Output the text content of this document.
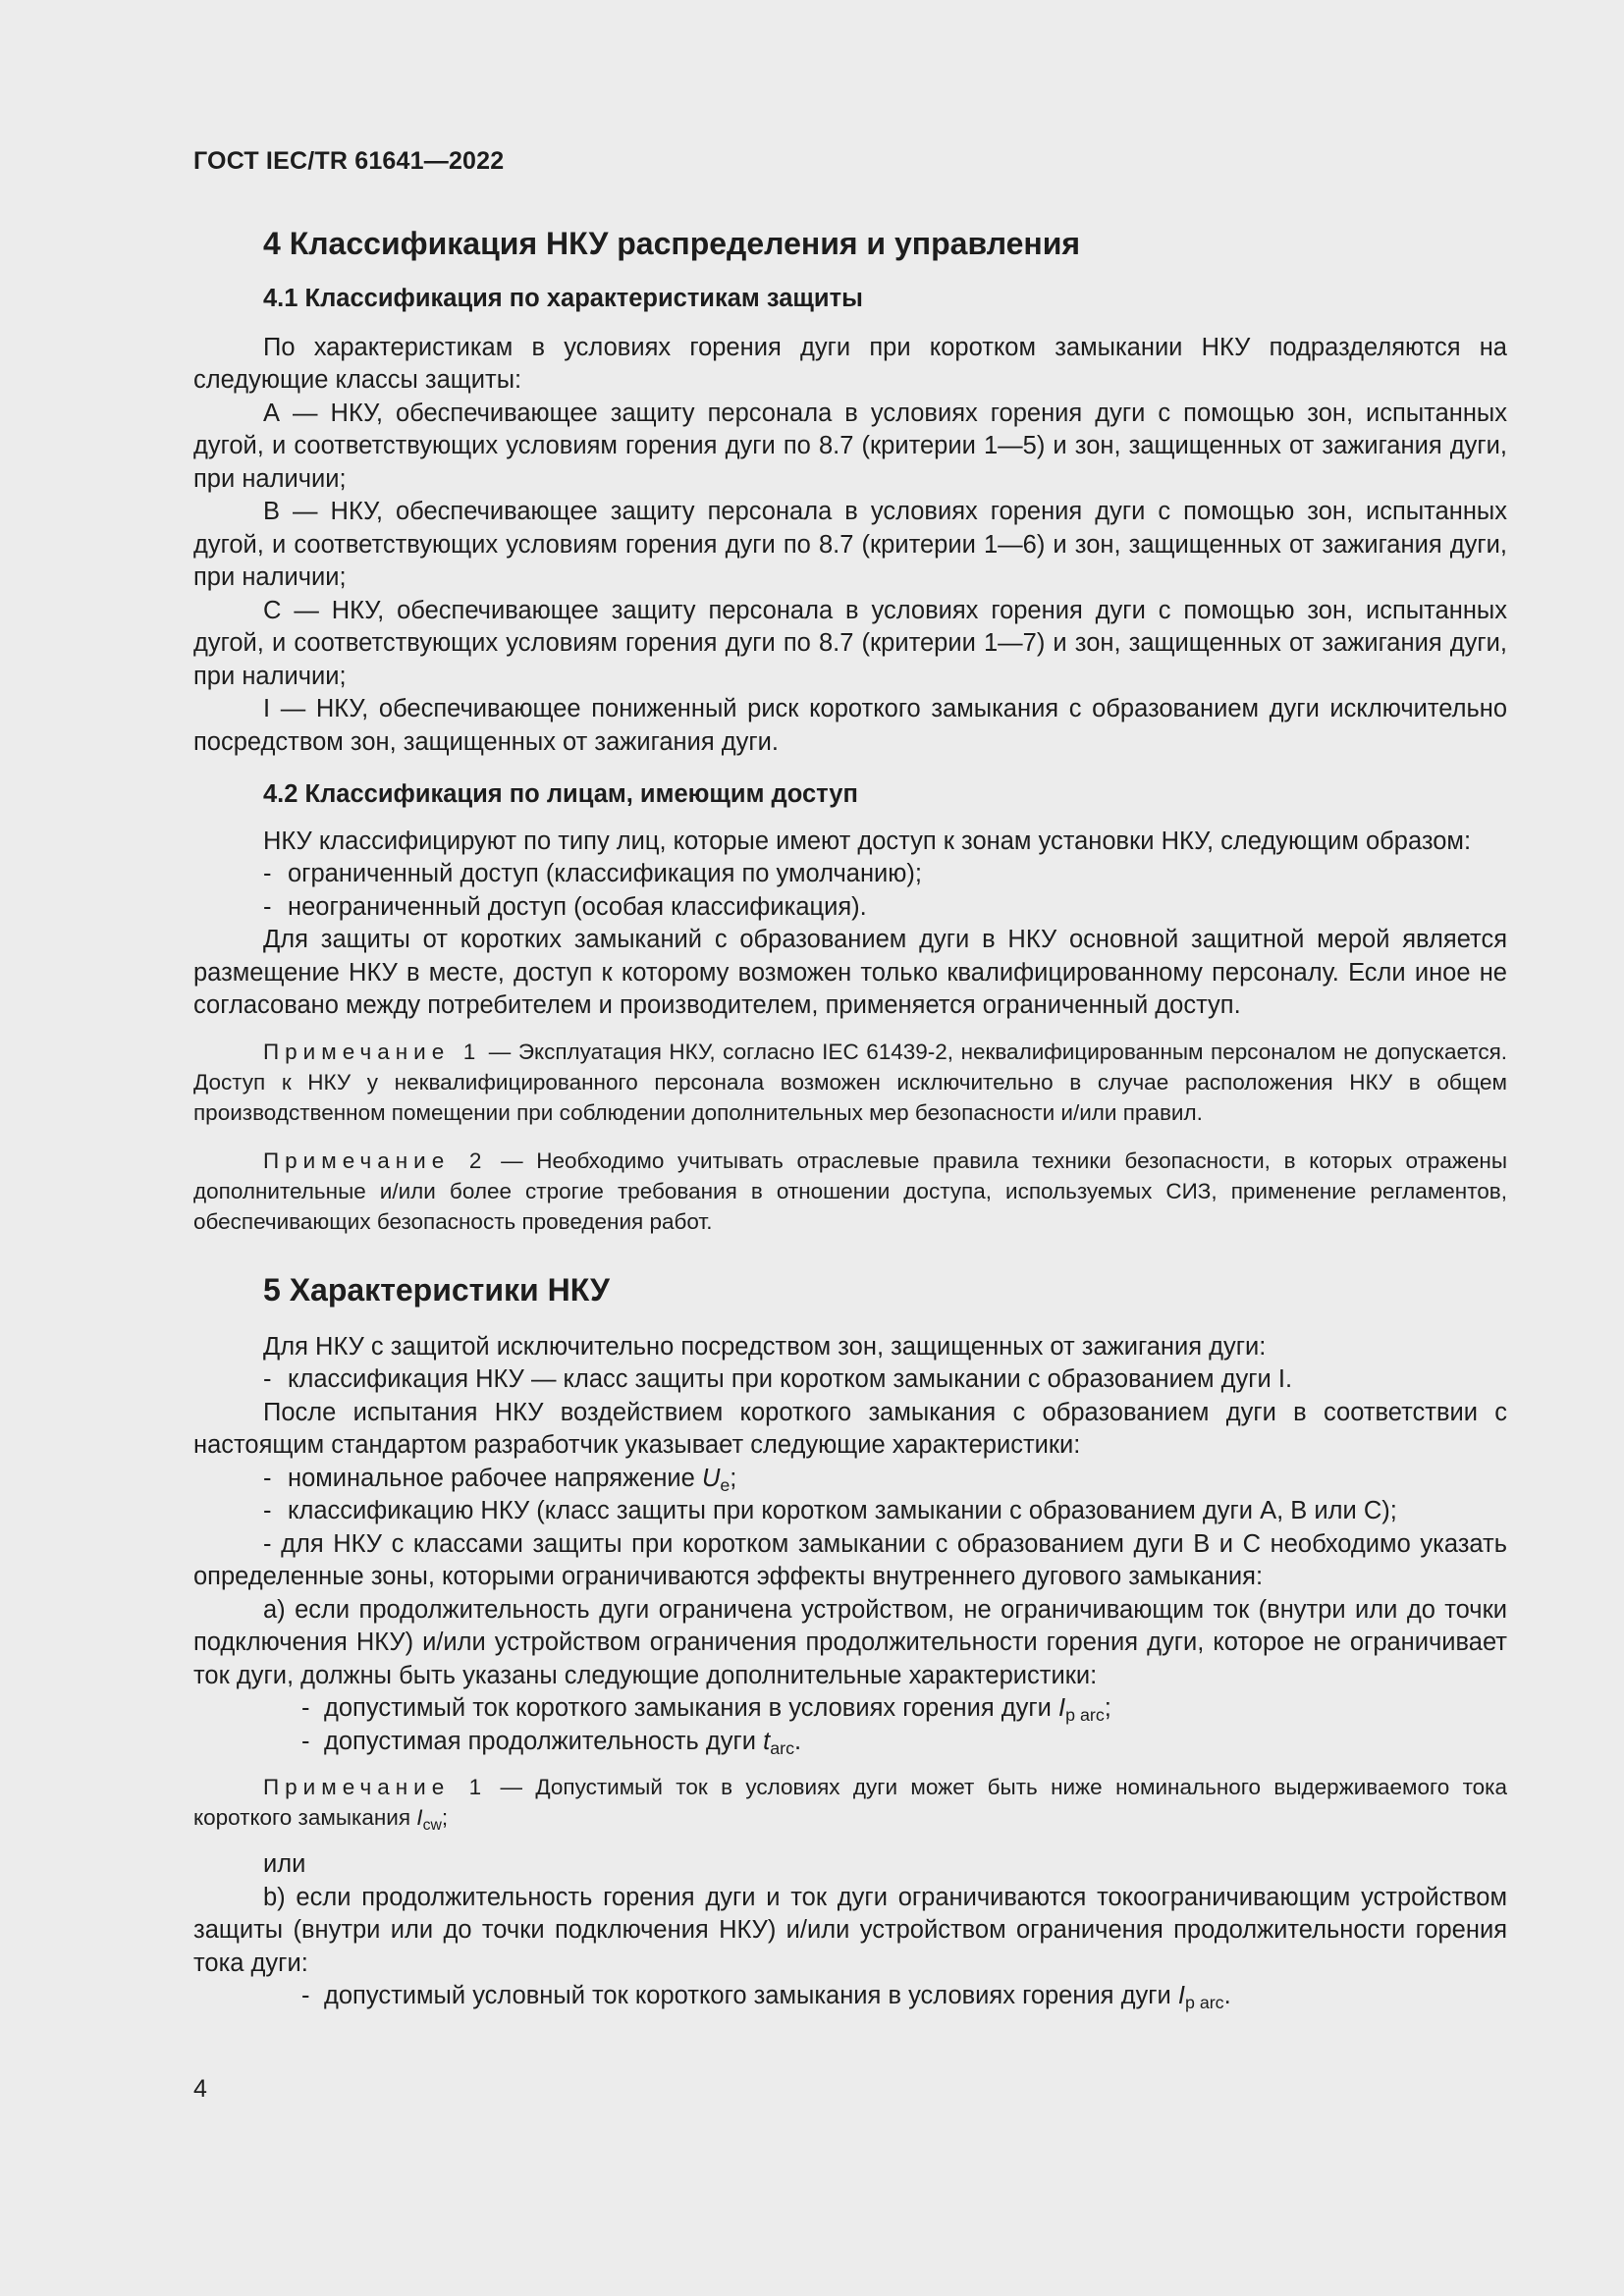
ГОСТ IEC/TR 61641—2022

4 Классификация НКУ распределения и управления

4.1 Классификация по характеристикам защиты

По характеристикам в условиях горения дуги при коротком замыкании НКУ подразделяются на следующие классы защиты:

А — НКУ, обеспечивающее защиту персонала в условиях горения дуги с помощью зон, испытанных дугой, и соответствующих условиям горения дуги по 8.7 (критерии 1—5) и зон, защищенных от зажигания дуги, при наличии;

В — НКУ, обеспечивающее защиту персонала в условиях горения дуги с помощью зон, испытанных дугой, и соответствующих условиям горения дуги по 8.7 (критерии 1—6) и зон, защищенных от зажигания дуги, при наличии;

С — НКУ, обеспечивающее защиту персонала в условиях горения дуги с помощью зон, испытанных дугой, и соответствующих условиям горения дуги по 8.7 (критерии 1—7) и зон, защищенных от зажигания дуги, при наличии;

I — НКУ, обеспечивающее пониженный риск короткого замыкания с образованием дуги исключительно посредством зон, защищенных от зажигания дуги.

4.2 Классификация по лицам, имеющим доступ

НКУ классифицируют по типу лиц, которые имеют доступ к зонам установки НКУ, следующим образом:

- ограниченный доступ (классификация по умолчанию);

- неограниченный доступ (особая классификация).

Для защиты от коротких замыканий с образованием дуги в НКУ основной защитной мерой является размещение НКУ в месте, доступ к которому возможен только квалифицированному персоналу. Если иное не согласовано между потребителем и производителем, применяется ограниченный доступ.

Примечание 1 — Эксплуатация НКУ, согласно IEC 61439-2, неквалифицированным персоналом не допускается. Доступ к НКУ у неквалифицированного персонала возможен исключительно в случае расположения НКУ в общем производственном помещении при соблюдении дополнительных мер безопасности и/или правил.

Примечание 2 — Необходимо учитывать отраслевые правила техники безопасности, в которых отражены дополнительные и/или более строгие требования в отношении доступа, используемых СИЗ, применение регламентов, обеспечивающих безопасность проведения работ.

5 Характеристики НКУ

Для НКУ с защитой исключительно посредством зон, защищенных от зажигания дуги:

- классификация НКУ — класс защиты при коротком замыкании с образованием дуги I.

После испытания НКУ воздействием короткого замыкания с образованием дуги в соответствии с настоящим стандартом разработчик указывает следующие характеристики:

- номинальное рабочее напряжение $U_e$;

- классификацию НКУ (класс защиты при коротком замыкании с образованием дуги А, В или С);

- для НКУ с классами защиты при коротком замыкании с образованием дуги В и С необходимо указать определенные зоны, которыми ограничиваются эффекты внутреннего дугового замыкания:

a) если продолжительность дуги ограничена устройством, не ограничивающим ток (внутри или до точки подключения НКУ) и/или устройством ограничения продолжительности горения дуги, которое не ограничивает ток дуги, должны быть указаны следующие дополнительные характеристики:

- допустимый ток короткого замыкания в условиях горения дуги $I_{p arc}$;

- допустимая продолжительность дуги $t_{arc}$.

Примечание 1 — Допустимый ток в условиях дуги может быть ниже номинального выдерживаемого тока короткого замыкания $I_{cw}$;

или

b) если продолжительность горения дуги и ток дуги ограничиваются токоограничивающим устройством защиты (внутри или до точки подключения НКУ) и/или устройством ограничения продолжительности горения тока дуги:

- допустимый условный ток короткого замыкания в условиях горения дуги $I_{p arc}$.

4
